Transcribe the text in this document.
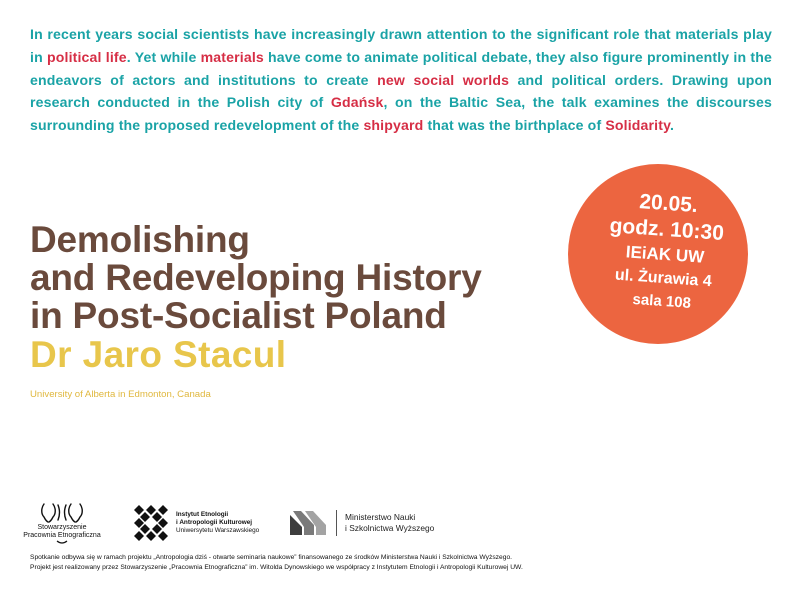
In recent years social scientists have increasingly drawn attention to the significant role that materials play in political life. Yet while materials have come to animate political debate, they also figure prominently in the endeavors of actors and institutions to create new social worlds and political orders. Drawing upon research conducted in the Polish city of Gdańsk, on the Baltic Sea, the talk examines the discourses surrounding the proposed redevelopment of the shipyard that was the birthplace of Solidarity.

Demolishing
and Redeveloping History
in Post-Socialist Poland
Dr Jaro Stacul

University of Alberta in Edmonton, Canada

20.05.
godz. 10:30
IEiAK UW
ul. Żurawia 4
sala 108
Stowarzyszenie
Pracownia Etnograficzna
Instytut Etnologii
i Antropologii Kulturowej
Uniwersytetu Warszawskiego
Ministerstwo Nauki
i Szkolnictwa Wyższego
Spotkanie odbywa się w ramach projektu „Antropologia dziś - otwarte seminaria naukowe” finansowanego ze środków Ministerstwa Nauki i Szkolnictwa Wyższego.
Projekt jest realizowany przez Stowarzyszenie „Pracownia Etnograficzna” im. Witolda Dynowskiego we współpracy z Instytutem Etnologii i Antropologii Kulturowej UW.
